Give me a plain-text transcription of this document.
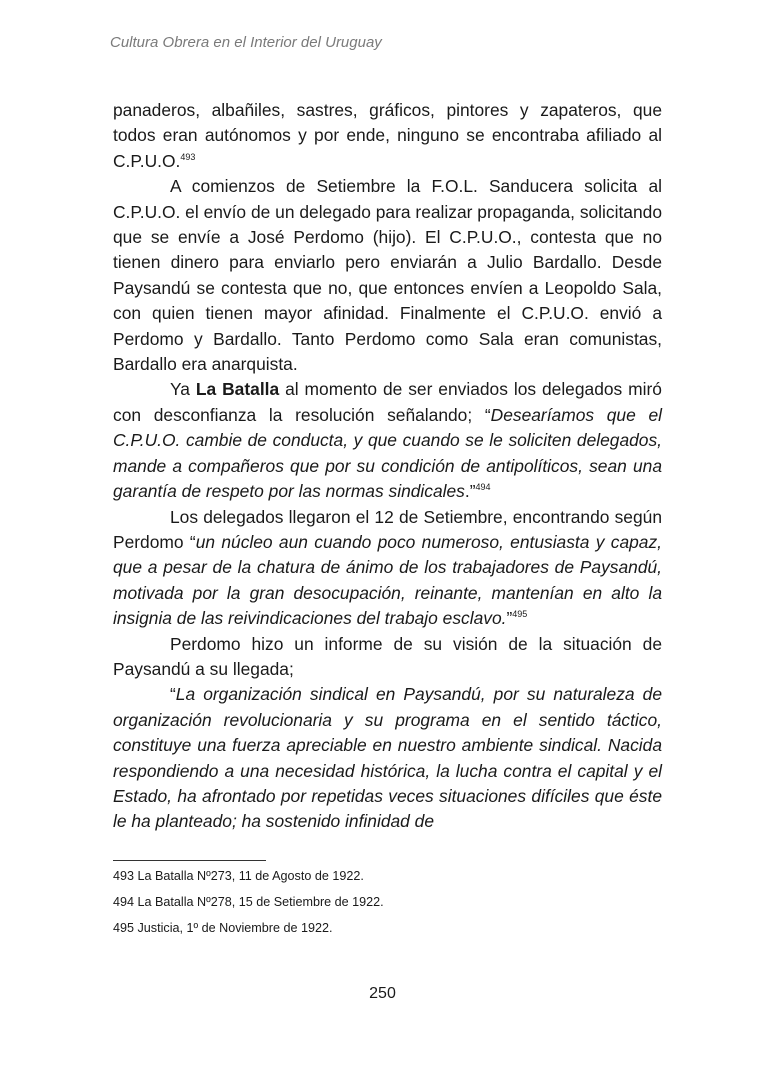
Cultura Obrera en el Interior del Uruguay

panaderos, albañiles, sastres, gráficos, pintores y zapateros, que todos eran autónomos y por ende, ninguno se encontraba afiliado al C.P.U.O.$^{493}$

A comienzos de Setiembre la F.O.L. Sanducera solicita al C.P.U.O. el envío de un delegado para realizar propaganda, solicitando que se envíe a José Perdomo (hijo). El C.P.U.O., contesta que no tienen dinero para enviarlo pero enviarán a Julio Bardallo. Desde Paysandú se contesta que no, que entonces envíen a Leopoldo Sala, con quien tienen mayor afinidad. Finalmente el C.P.U.O. envió a Perdomo y Bardallo. Tanto Perdomo como Sala eran comunistas, Bardallo era anarquista.

Ya La Batalla al momento de ser enviados los delegados miró con desconfianza la resolución señalando; “Desearíamos que el C.P.U.O. cambie de conducta, y que cuando se le soliciten delegados, mande a compañeros que por su condición de antipolíticos, sean una garantía de respeto por las normas sindicales.”$^{494}$

Los delegados llegaron el 12 de Setiembre, encontrando según Perdomo “un núcleo aun cuando poco numeroso, entusiasta y capaz, que a pesar de la chatura de ánimo de los trabajadores de Paysandú, motivada por la gran desocupación, reinante, mantenían en alto la insignia de las reivindicaciones del trabajo esclavo.”$^{495}$

Perdomo hizo un informe de su visión de la situación de Paysandú a su llegada;

“La organización sindical en Paysandú, por su naturaleza de organización revolucionaria y su programa en el sentido táctico, constituye una fuerza apreciable en nuestro ambiente sindical. Nacida respondiendo a una necesidad histórica, la lucha contra el capital y el Estado, ha afrontado por repetidas veces situaciones difíciles que éste le ha planteado; ha sostenido infinidad de

493 La Batalla Nº273, 11 de Agosto de 1922.
494 La Batalla Nº278, 15 de Setiembre de 1922.
495 Justicia, 1º de Noviembre de 1922.
250
